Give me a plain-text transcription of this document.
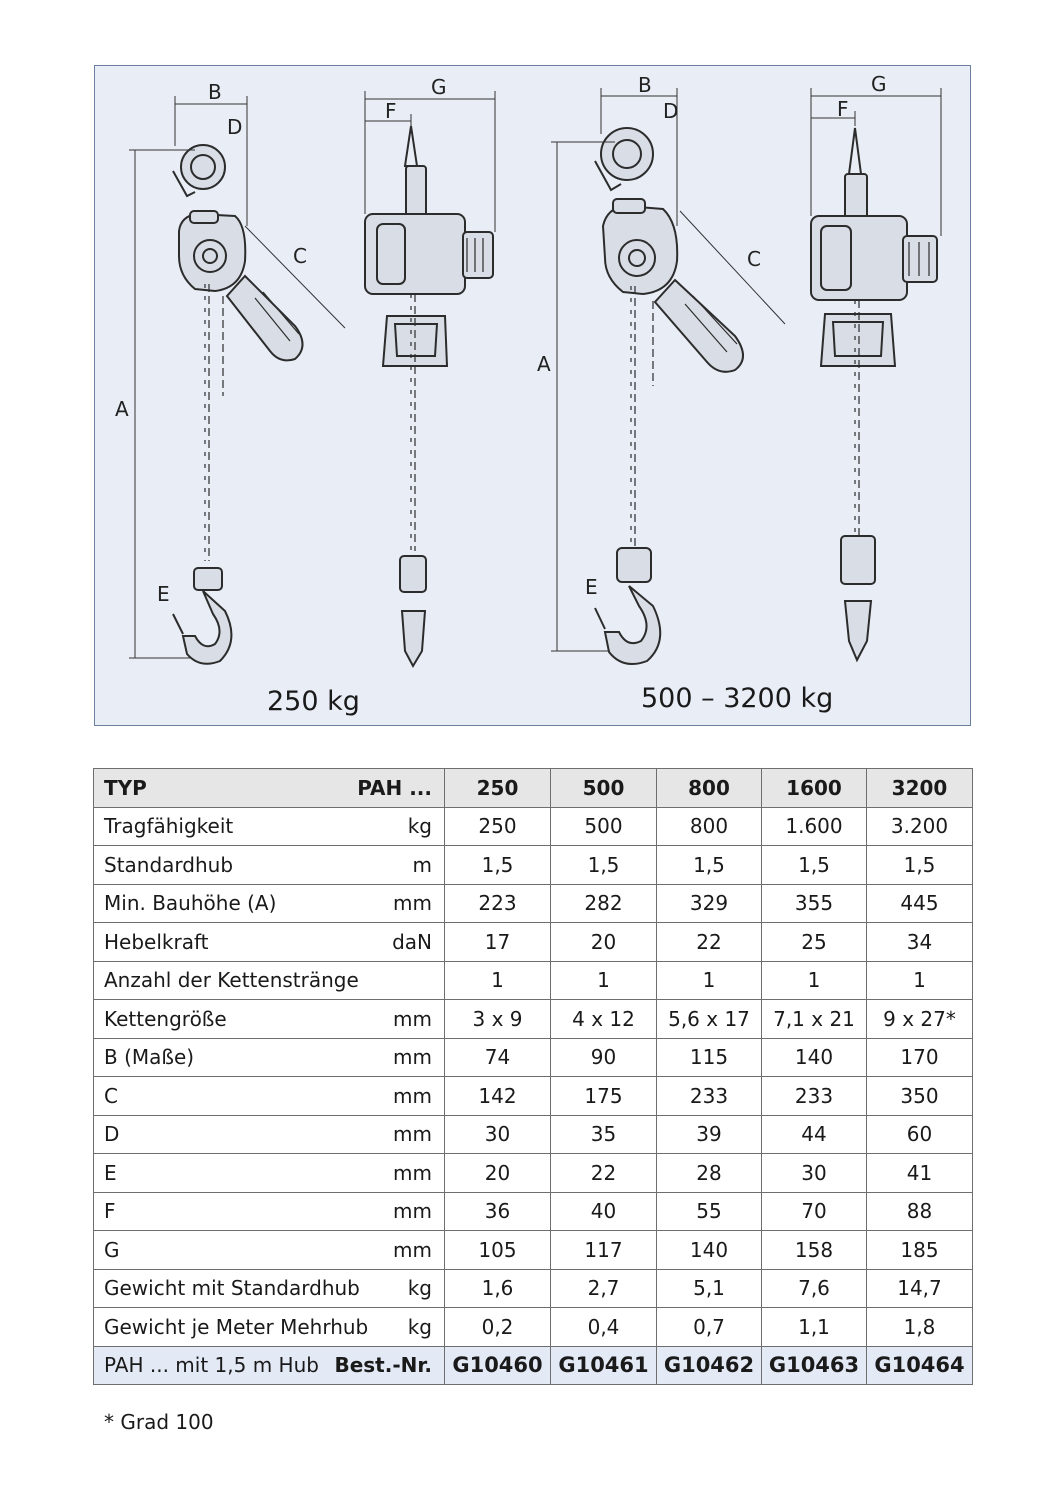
B
D
C
A
E
G
F
B
D
C
A
E
G
F
250 kg	500 – 3200 kg
TYP PAH ...	250	500	800	1600	3200

Tragfähigkeit kg	250	500	800	1.600	3.200

Standardhub m	1,5	1,5	1,5	1,5	1,5

Min. Bauhöhe (A) mm	223	282	329	355	445

Hebelkraft daN	17	20	22	25	34

Anzahl der Kettenstränge	1	1	1	1	1

Kettengröße mm	3 x 9	4 x 12	5,6 x 17	7,1 x 21	9 x 27*

B (Maße) mm	74	90	115	140	170

C mm	142	175	233	233	350

D mm	30	35	39	44	60

E mm	20	22	28	30	41

F mm	36	40	55	70	88

G mm	105	117	140	158	185

Gewicht mit Standardhub kg	1,6	2,7	5,1	7,6	14,7

Gewicht je Meter Mehrhub kg	0,2	0,4	0,7	1,1	1,8

PAH ... mit 1,5 m Hub Best.-Nr.	G10460	G10461	G10462	G10463	G10464
* Grad 100
